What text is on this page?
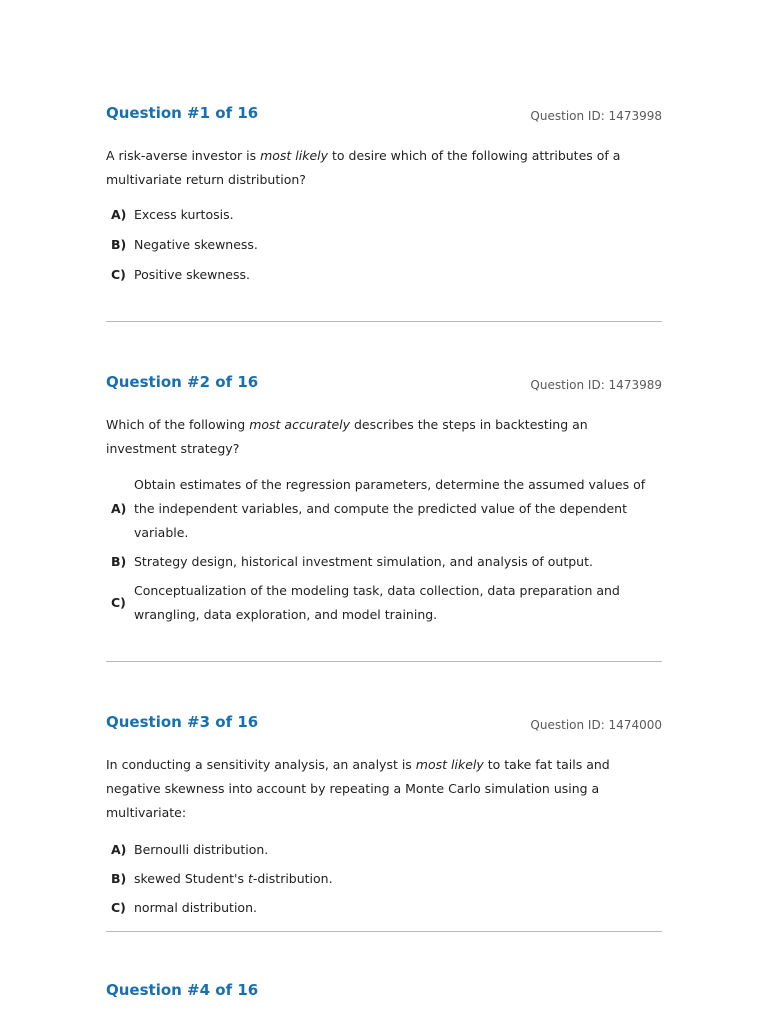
Question #1 of 16	Question ID: 1473998

A risk-averse investor is most likely to desire which of the following attributes of a multivariate return distribution?

A) Excess kurtosis.
B) Negative skewness.
C) Positive skewness.
Question #2 of 16	Question ID: 1473989

Which of the following most accurately describes the steps in backtesting an investment strategy?

A)
Obtain estimates of the regression parameters, determine the assumed values of the independent variables, and compute the predicted value of the dependent variable.
B) Strategy design, historical investment simulation, and analysis of output.
C)
Conceptualization of the modeling task, data collection, data preparation and wrangling, data exploration, and model training.
Question #3 of 16	Question ID: 1474000

In conducting a sensitivity analysis, an analyst is most likely to take fat tails and negative skewness into account by repeating a Monte Carlo simulation using a multivariate:

A) Bernoulli distribution.
B) skewed Student's t-distribution.
C) normal distribution.
Question #4 of 16
